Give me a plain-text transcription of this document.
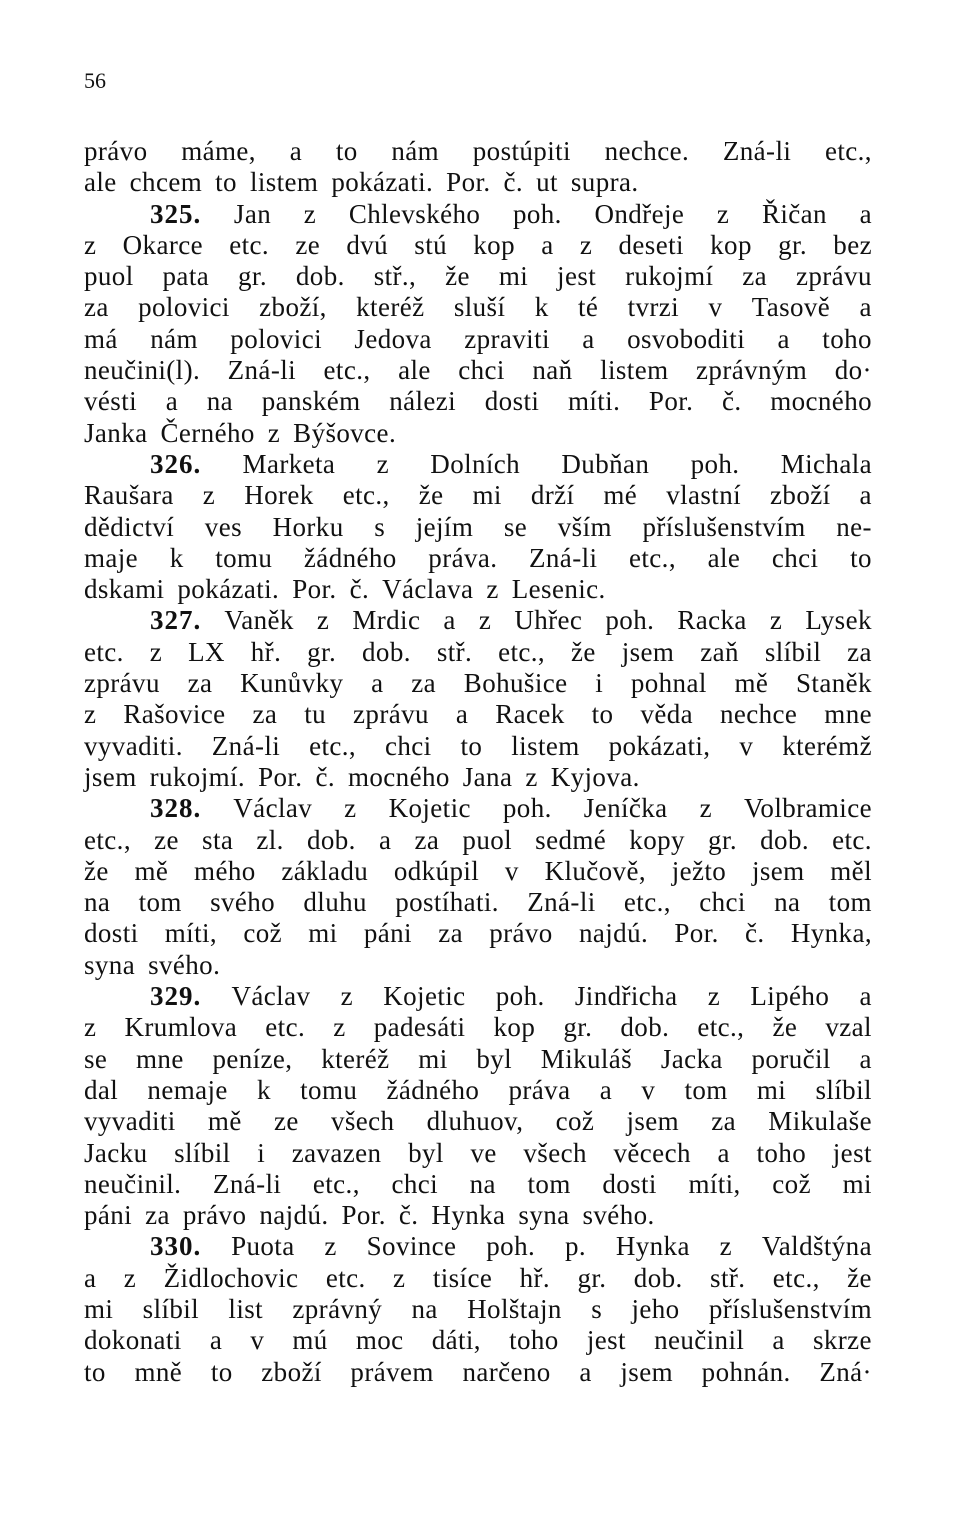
56
právo máme, a to nám postúpiti nechce. Zná-li etc.,
ale chcem to listem pokázati. Por. č. ut supra.
325. Jan z Chlevského poh. Ondřeje z Řičan a
z Okarce etc. ze dvú stú kop a z deseti kop gr. bez
puol pata gr. dob. stř., že mi jest rukojmí za zprávu
za polovici zboží, kteréž sluší k té tvrzi v Tasově a
má nám polovici Jedova zpraviti a osvoboditi a toho
neučini(l). Zná-li etc., ale chci naň listem zprávným do·
vésti a na panském nálezi dosti míti. Por. č. mocného
Janka Černého z Býšovce.
326. Marketa z Dolních Dubňan poh. Michala
Raušara z Horek etc., že mi drží mé vlastní zboží a
dědictví ves Horku s jejím se vším příslušenstvím ne-
maje k tomu žádného práva. Zná-li etc., ale chci to
dskami pokázati. Por. č. Václava z Lesenic.
327. Vaněk z Mrdic a z Uhřec poh. Racka z Lysek
etc. z LX hř. gr. dob. stř. etc., že jsem zaň slíbil za
zprávu za Kunůvky a za Bohušice i pohnal mě Staněk
z Rašovice za tu zprávu a Racek to věda nechce mne
vyvaditi. Zná-li etc., chci to listem pokázati, v kterémž
jsem rukojmí. Por. č. mocného Jana z Kyjova.
328. Václav z Kojetic poh. Jeníčka z Volbramice
etc., ze sta zl. dob. a za puol sedmé kopy gr. dob. etc.
že mě mého základu odkúpil v Klučově, ježto jsem měl
na tom svého dluhu postíhati. Zná-li etc., chci na tom
dosti míti, což mi páni za právo najdú. Por. č. Hynka,
syna svého.
329. Václav z Kojetic poh. Jindřicha z Lipého a
z Krumlova etc. z padesáti kop gr. dob. etc., že vzal
se mne peníze, kteréž mi byl Mikuláš Jacka poručil a
dal nemaje k tomu žádného práva a v tom mi slíbil
vyvaditi mě ze všech dluhuov, což jsem za Mikulaše
Jacku slíbil i zavazen byl ve všech věcech a toho jest
neučinil. Zná-li etc., chci na tom dosti míti, což mi
páni za právo najdú. Por. č. Hynka syna svého.
330. Puota z Sovince poh. p. Hynka z Valdštýna
a z Židlochovic etc. z tisíce hř. gr. dob. stř. etc., že
mi slíbil list zprávný na Holštajn s jeho příslušenstvím
dokonati a v mú moc dáti, toho jest neučinil a skrze
to mně to zboží právem narčeno a jsem pohnán. Zná·
